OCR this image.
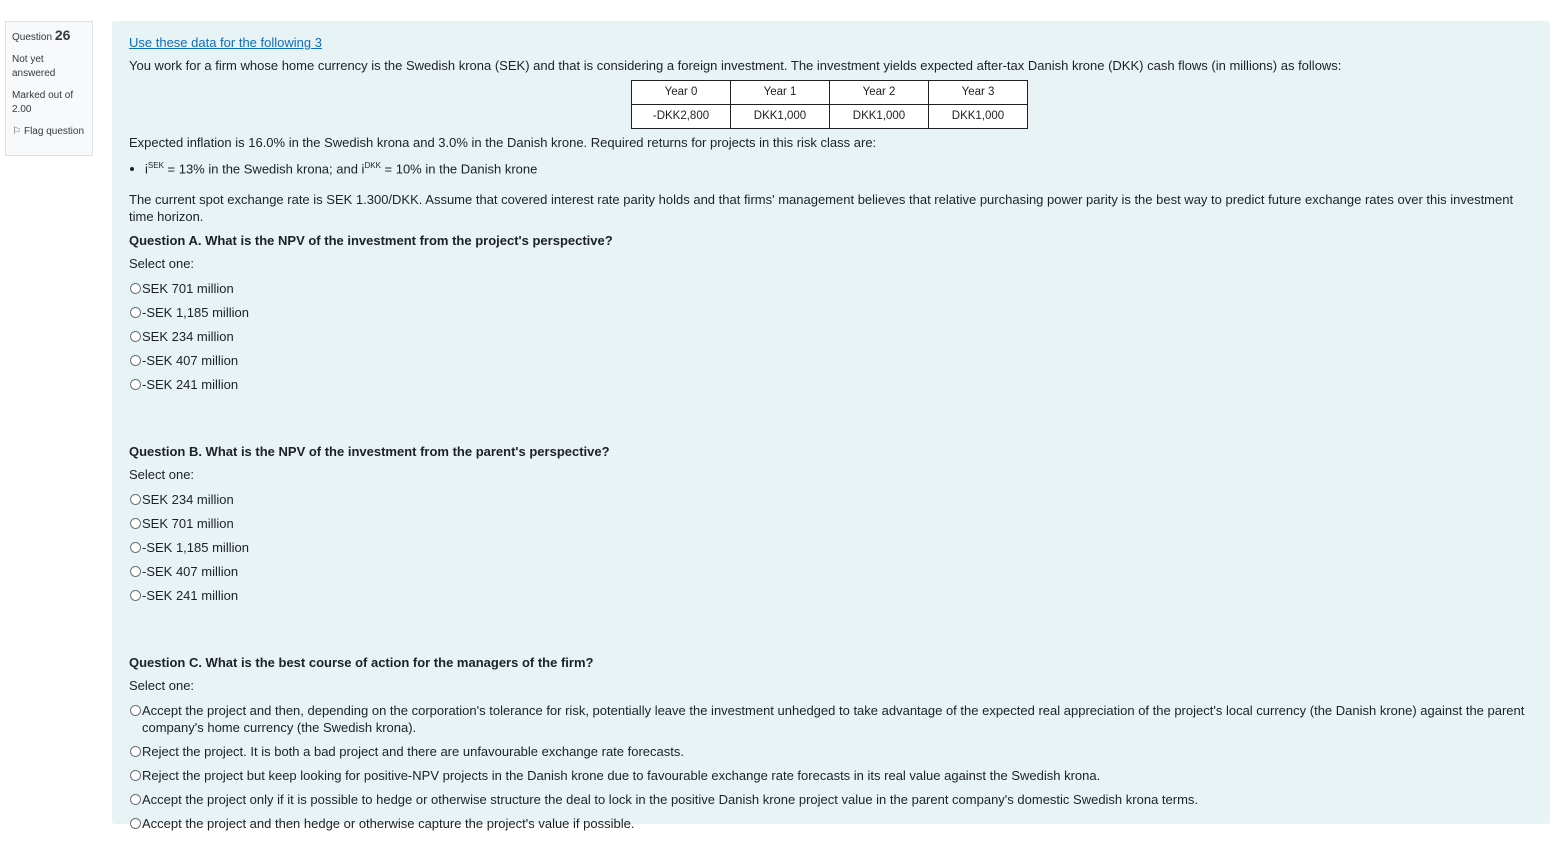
Question 26
Not yet answered
Marked out of 2.00
⚐ Flag question
Use these data for the following 3

You work for a firm whose home currency is the Swedish krona (SEK) and that is considering a foreign investment. The investment yields expected after-tax Danish krone (DKK) cash flows (in millions) as follows:

Year 0	Year 1	Year 2	Year 3
-DKK2,800	DKK1,000	DKK1,000	DKK1,000

Expected inflation is 16.0% in the Swedish krona and 3.0% in the Danish krone. Required returns for projects in this risk class are:

• $i^{SEK} = 13\%$ in the Swedish krona; and $i^{DKK} = 10\%$ in the Danish krone

The current spot exchange rate is SEK 1.300/DKK. Assume that covered interest rate parity holds and that firms' management believes that relative purchasing power parity is the best way to predict future exchange rates over this investment time horizon.

Question A. What is the NPV of the investment from the project's perspective?
Select one:
SEK 701 million
-SEK 1,185 million
SEK 234 million
-SEK 407 million
-SEK 241 million
Question B. What is the NPV of the investment from the parent's perspective?
Select one:
SEK 234 million
SEK 701 million
-SEK 1,185 million
-SEK 407 million
-SEK 241 million
Question C. What is the best course of action for the managers of the firm?
Select one:
Accept the project and then, depending on the corporation's tolerance for risk, potentially leave the investment unhedged to take advantage of the expected real appreciation of the project's local currency (the Danish krone) against the parent company's home currency (the Swedish krona).
Reject the project. It is both a bad project and there are unfavourable exchange rate forecasts.
Reject the project but keep looking for positive-NPV projects in the Danish krone due to favourable exchange rate forecasts in its real value against the Swedish krona.
Accept the project only if it is possible to hedge or otherwise structure the deal to lock in the positive Danish krone project value in the parent company's domestic Swedish krona terms.
Accept the project and then hedge or otherwise capture the project's value if possible.
